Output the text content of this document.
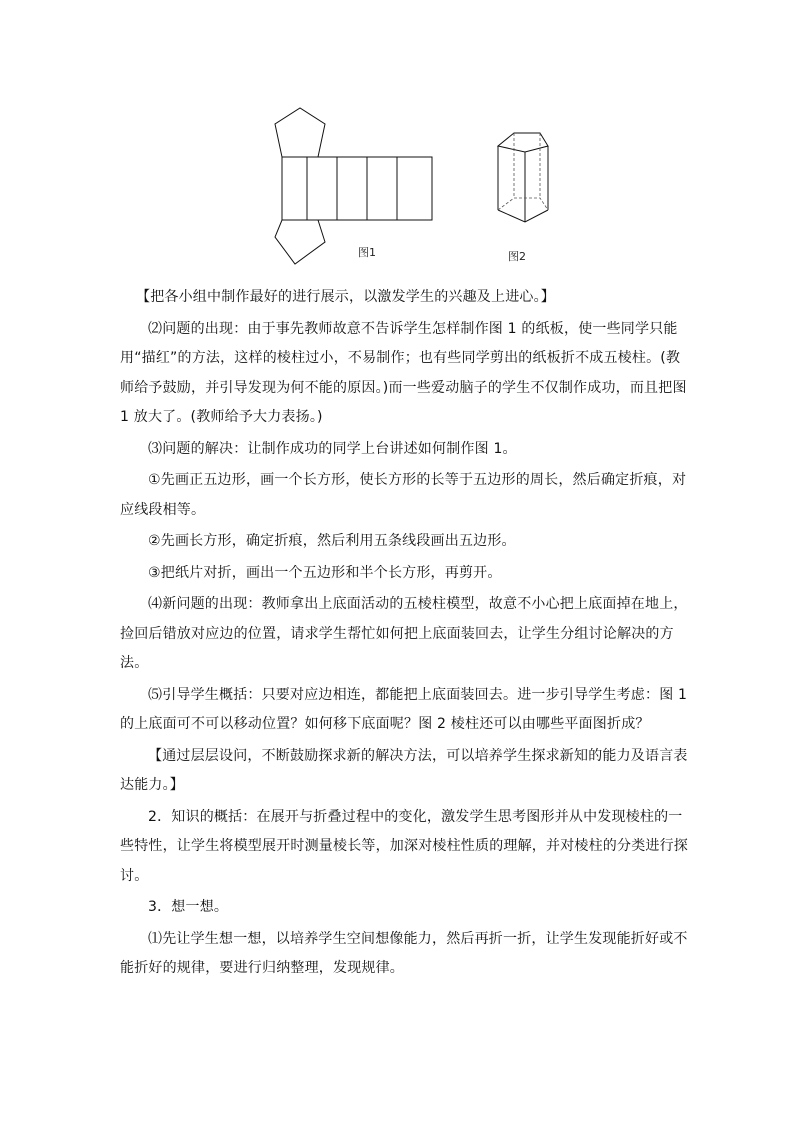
图1	图2

【把各小组中制作最好的进行展示，以激发学生的兴趣及上进心。】

⑵问题的出现：由于事先教师故意不告诉学生怎样制作图 1 的纸板，使一些同学只能用“描红”的方法，这样的棱柱过小，不易制作；也有些同学剪出的纸板折不成五棱柱。(教师给予鼓励，并引导发现为何不能的原因。)而一些爱动脑子的学生不仅制作成功，而且把图 1 放大了。(教师给予大力表扬。)

⑶问题的解决：让制作成功的同学上台讲述如何制作图 1。

①先画正五边形，画一个长方形，使长方形的长等于五边形的周长，然后确定折痕，对应线段相等。

②先画长方形，确定折痕，然后利用五条线段画出五边形。

③把纸片对折，画出一个五边形和半个长方形，再剪开。

⑷新问题的出现：教师拿出上底面活动的五棱柱模型，故意不小心把上底面掉在地上，捡回后错放对应边的位置，请求学生帮忙如何把上底面装回去，让学生分组讨论解决的方法。

⑸引导学生概括：只要对应边相连，都能把上底面装回去。进一步引导学生考虑：图 1 的上底面可不可以移动位置？如何移下底面呢？图 2 棱柱还可以由哪些平面图折成？

【通过层层设问，不断鼓励探求新的解决方法，可以培养学生探求新知的能力及语言表达能力。】

2．知识的概括：在展开与折叠过程中的变化，激发学生思考图形并从中发现棱柱的一些特性，让学生将模型展开时测量棱长等，加深对棱柱性质的理解，并对棱柱的分类进行探讨。

3．想一想。

⑴先让学生想一想，以培养学生空间想像能力，然后再折一折，让学生发现能折好或不能折好的规律，要进行归纳整理，发现规律。
